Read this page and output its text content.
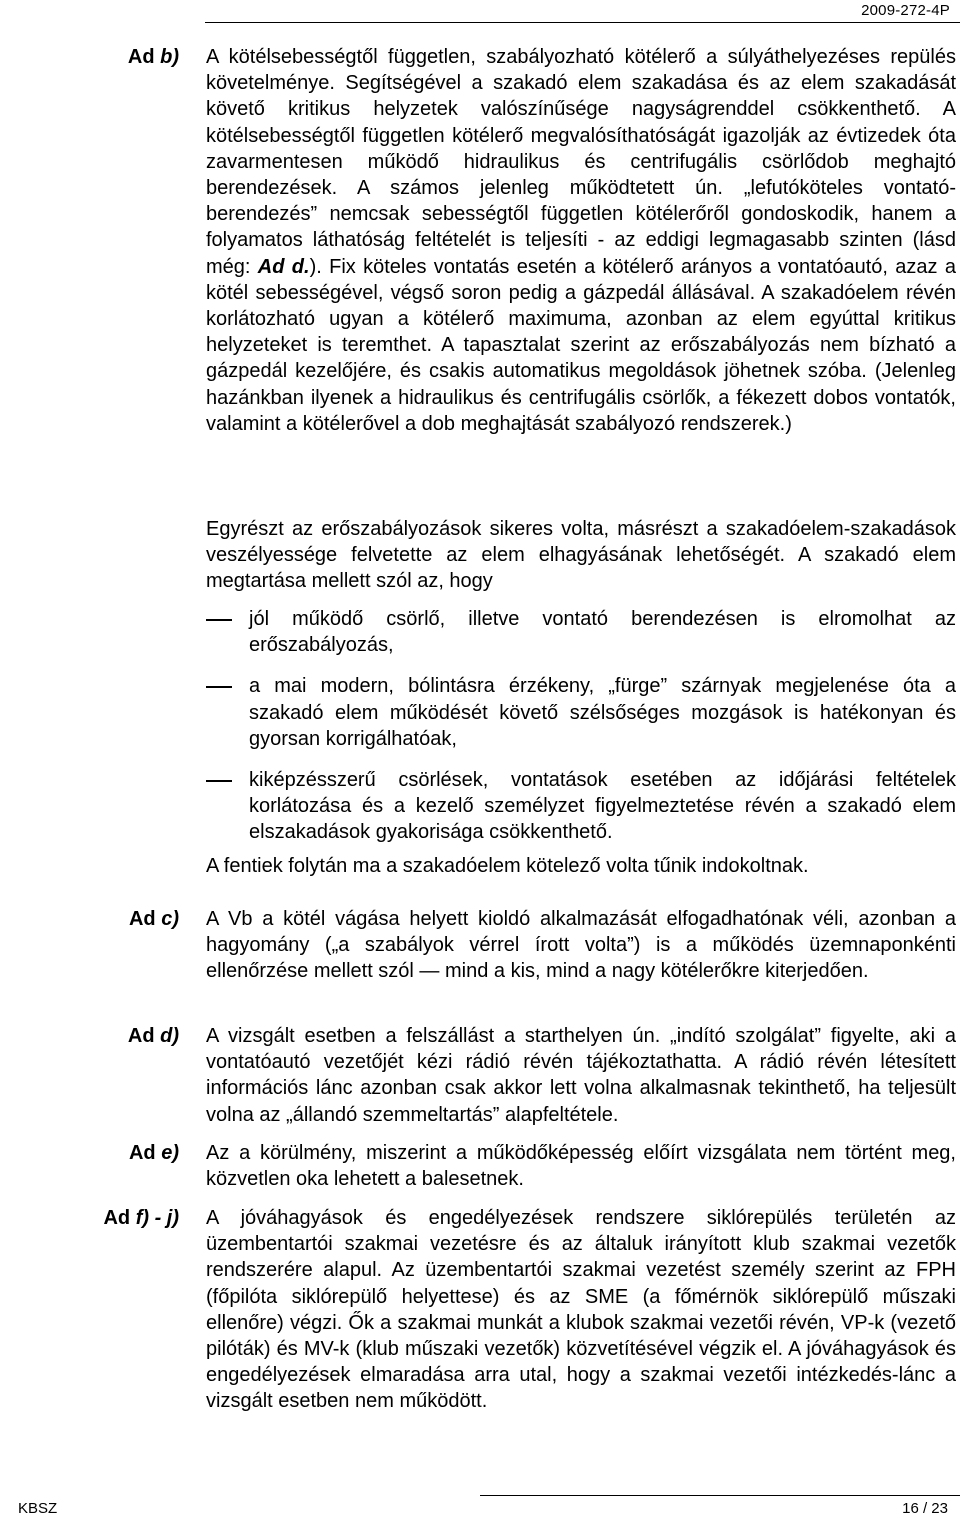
2009-272-4P
Ad b) A kötélsebességtől független, szabályozható kötélerő a súlyáthelyezéses repülés követelménye. Segítségével a szakadó elem szakadása és az elem szakadását követő kritikus helyzetek valószínűsége nagyságrenddel csökkenthető. A kötélsebességtől független kötélerő megvalósíthatóságát igazolják az évtizedek óta zavarmentesen működő hidraulikus és centrifugális csörlődob meghajtó berendezések. A számos jelenleg működtetett ún. „lefutóköteles vontató-berendezés” nemcsak sebességtől független kötélerőről gondoskodik, hanem a folyamatos láthatóság feltételét is teljesíti - az eddigi legmagasabb szinten (lásd még: Ad d.). Fix köteles vontatás esetén a kötélerő arányos a vontatóautó, azaz a kötél sebességével, végső soron pedig a gázpedál állásával. A szakadóelem révén korlátozható ugyan a kötélerő maximuma, azonban az elem egyúttal kritikus helyzeteket is teremthet. A tapasztalat szerint az erőszabályozás nem bízható a gázpedál kezelőjére, és csakis automatikus megoldások jöhetnek szóba. (Jelenleg hazánkban ilyenek a hidraulikus és centrifugális csörlők, a fékezett dobos vontatók, valamint a kötélerővel a dob meghajtását szabályozó rendszerek.)

Egyrészt az erőszabályozások sikeres volta, másrészt a szakadóelem-szakadások veszélyessége felvetette az elem elhagyásának lehetőségét. A szakadó elem megtartása mellett szól az, hogy

jól működő csörlő, illetve vontató berendezésen is elromolhat az erőszabályozás,
a mai modern, bólintásra érzékeny, „fürge” szárnyak megjelenése óta a szakadó elem működését követő szélsőséges mozgások is hatékonyan és gyorsan korrigálhatóak,
kiképzésszerű csörlések, vontatások esetében az időjárási feltételek korlátozása és a kezelő személyzet figyelmeztetése révén a szakadó elem elszakadások gyakorisága csökkenthető.

A fentiek folytán ma a szakadóelem kötelező volta tűnik indokoltnak.

Ad c) A Vb a kötél vágása helyett kioldó alkalmazását elfogadhatónak véli, azonban a hagyomány („a szabályok vérrel írott volta”) is a működés üzemnaponkénti ellenőrzése mellett szól — mind a kis, mind a nagy kötélerőkre kiterjedően.

Ad d) A vizsgált esetben a felszállást a starthelyen ún. „indító szolgálat” figyelte, aki a vontatóautó vezetőjét kézi rádió révén tájékoztathatta. A rádió révén létesített információs lánc azonban csak akkor lett volna alkalmasnak tekinthető, ha teljesült volna az „állandó szemmeltartás” alapfeltétele.

Ad e) Az a körülmény, miszerint a működőképesség előírt vizsgálata nem történt meg, közvetlen oka lehetett a balesetnek.

Ad f) - j) A jóváhagyások és engedélyezések rendszere siklórepülés területén az üzembentartói szakmai vezetésre és az általuk irányított klub szakmai vezetők rendszerére alapul. Az üzembentartói szakmai vezetést személy szerint az FPH (főpilóta siklórepülő helyettese) és az SME (a főmérnök siklórepülő műszaki ellenőre) végzi. Ők a szakmai munkát a klubok szakmai vezetői révén, VP-k (vezető pilóták) és MV-k (klub műszaki vezetők) közvetítésével végzik el. A jóváhagyások és engedélyezések elmaradása arra utal, hogy a szakmai vezetői intézkedés-lánc a vizsgált esetben nem működött.

KBSZ	16 / 23
